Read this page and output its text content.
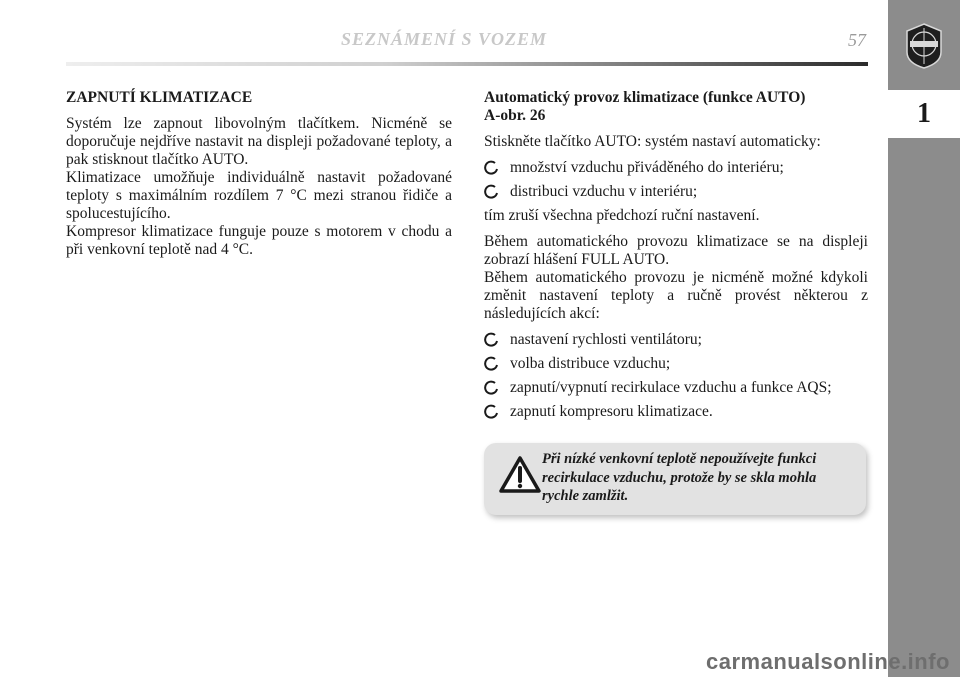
SEZNÁMENÍ S VOZEM	57
1
ZAPNUTÍ KLIMATIZACE

Systém lze zapnout libovolným tlačítkem. Nicméně se doporučuje nejdříve nastavit na displeji požadované teploty, a pak stisknout tlačítko AUTO.

Klimatizace umožňuje individuálně nastavit požadované teploty s maximálním rozdílem 7 °C mezi stranou řidiče a spolucestujícího.

Kompresor klimatizace funguje pouze s motorem v chodu a při venkovní teplotě nad 4 °C.

Automatický provoz klimatizace (funkce AUTO)
A-obr. 26

Stiskněte tlačítko AUTO: systém nastaví automaticky:

množství vzduchu přiváděného do interiéru;
distribuci vzduchu v interiéru;

tím zruší všechna předchozí ruční nastavení.

Během automatického provozu klimatizace se na displeji zobrazí hlášení FULL AUTO.

Během automatického provozu je nicméně možné kdykoli změnit nastavení teploty a ručně provést některou z následujících akcí:

nastavení rychlosti ventilátoru;
volba distribuce vzduchu;
zapnutí/vypnutí recirkulace vzduchu a funkce AQS;
zapnutí kompresoru klimatizace.
Při nízké venkovní teplotě nepoužívejte funkci recirkulace vzduchu, protože by se skla mohla rychle zamlžit.
carmanualsonline.info
